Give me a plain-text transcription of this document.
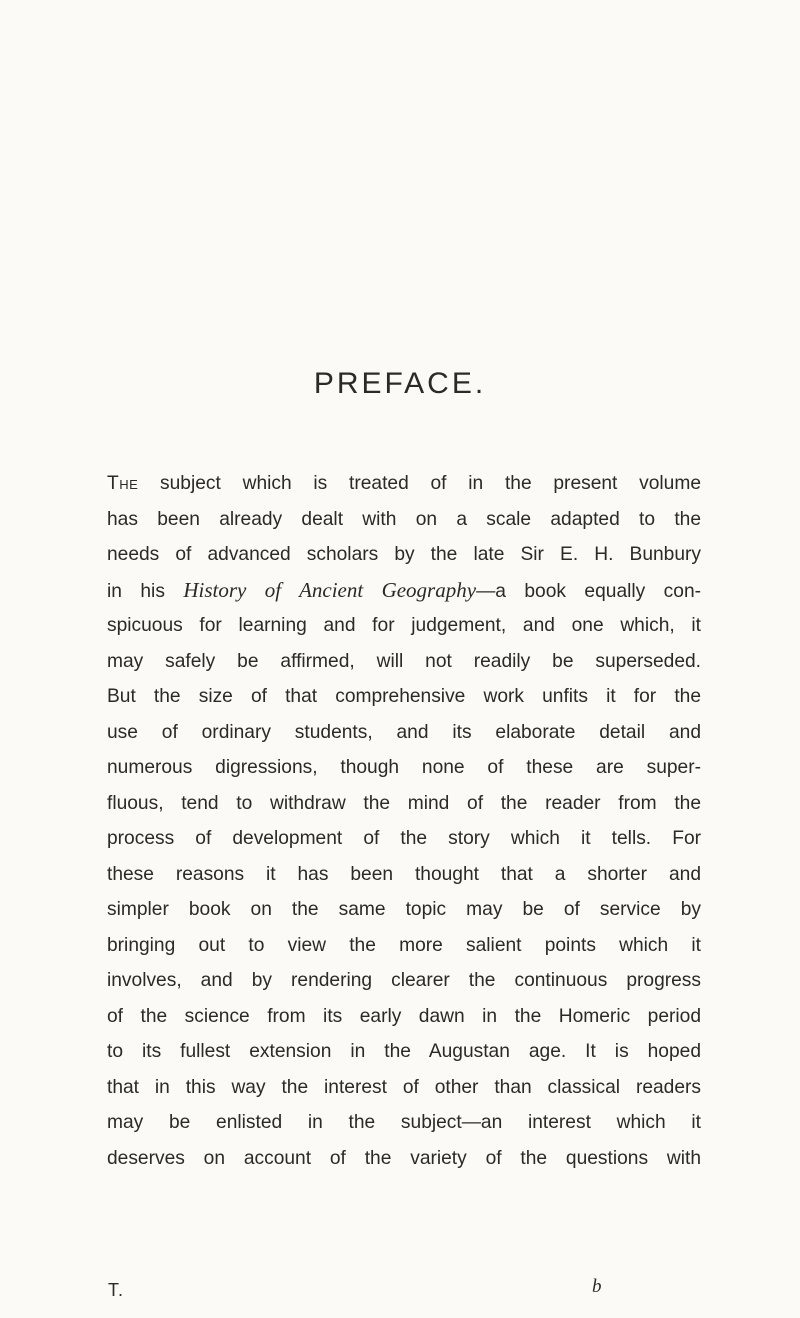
PREFACE.
The subject which is treated of in the present volume
has been already dealt with on a scale adapted to the
needs of advanced scholars by the late Sir E. H. Bunbury
in his History of Ancient Geography—a book equally con-
spicuous for learning and for judgement, and one which, it
may safely be affirmed, will not readily be superseded.
But the size of that comprehensive work unfits it for the
use of ordinary students, and its elaborate detail and
numerous digressions, though none of these are super-
fluous, tend to withdraw the mind of the reader from the
process of development of the story which it tells. For
these reasons it has been thought that a shorter and
simpler book on the same topic may be of service by
bringing out to view the more salient points which it
involves, and by rendering clearer the continuous progress
of the science from its early dawn in the Homeric period
to its fullest extension in the Augustan age. It is hoped
that in this way the interest of other than classical readers
may be enlisted in the subject—an interest which it
deserves on account of the variety of the questions with
T.	b
